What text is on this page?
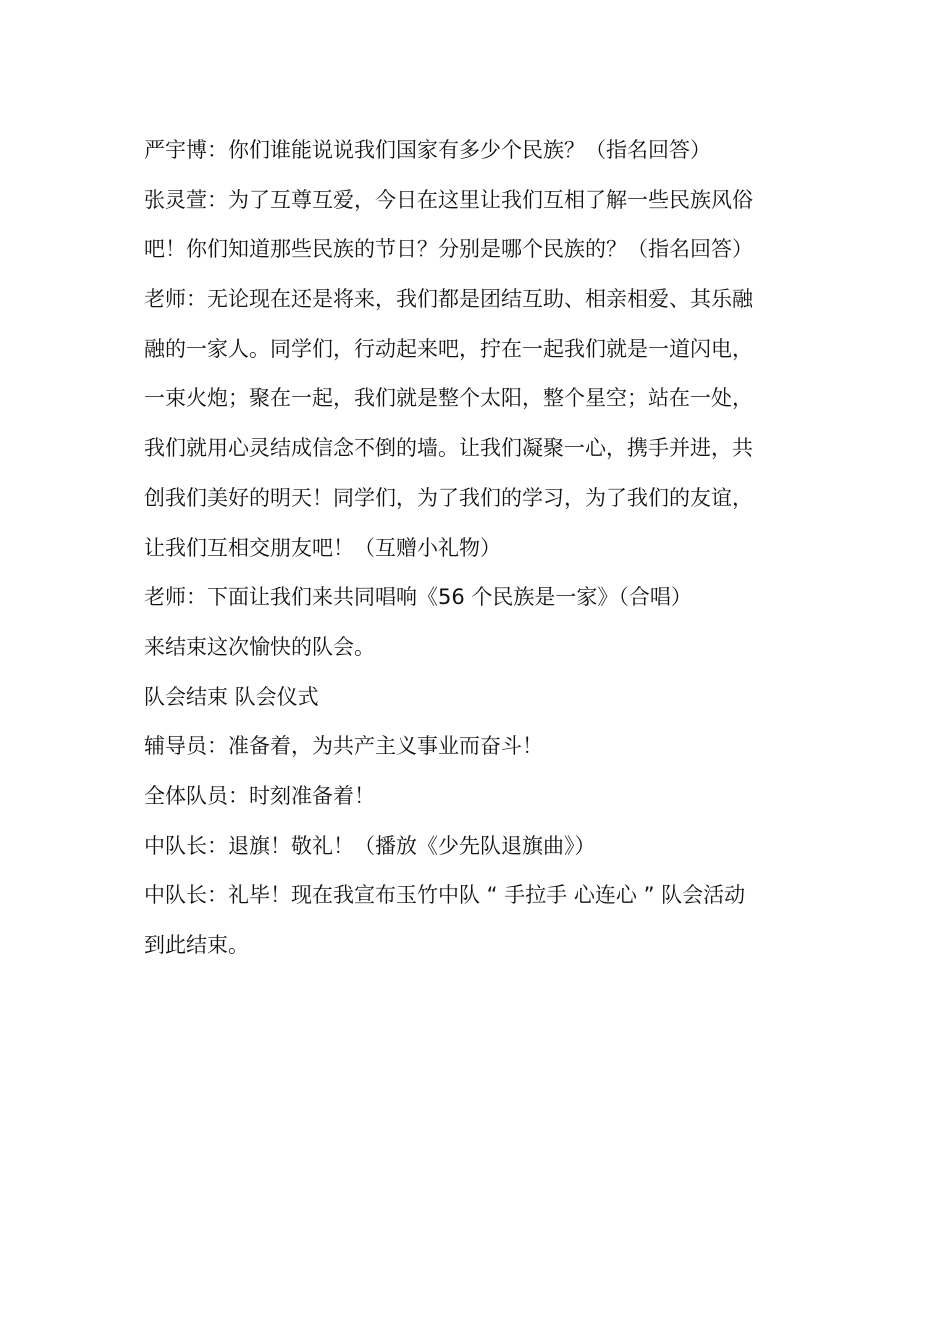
严宇博：你们谁能说说我们国家有多少个民族？（指名回答）
张灵萱：为了互尊互爱，今日在这里让我们互相了解一些民族风俗
吧！你们知道那些民族的节日？分别是哪个民族的？（指名回答）
老师：无论现在还是将来，我们都是团结互助、相亲相爱、其乐融
融的一家人。同学们，行动起来吧，拧在一起我们就是一道闪电，
一束火炮；聚在一起，我们就是整个太阳，整个星空；站在一处，
我们就用心灵结成信念不倒的墙。让我们凝聚一心，携手并进，共
创我们美好的明天！同学们，为了我们的学习，为了我们的友谊，
让我们互相交朋友吧！（互赠小礼物）
老师：下面让我们来共同唱响《56 个民族是一家》（合唱）
来结束这次愉快的队会。
队会结束 队会仪式
辅导员：准备着，为共产主义事业而奋斗！
全体队员：时刻准备着！
中队长：退旗！敬礼！（播放《少先队退旗曲》）
中队长：礼毕！现在我宣布玉竹中队 “ 手拉手 心连心 ” 队会活动
到此结束。
